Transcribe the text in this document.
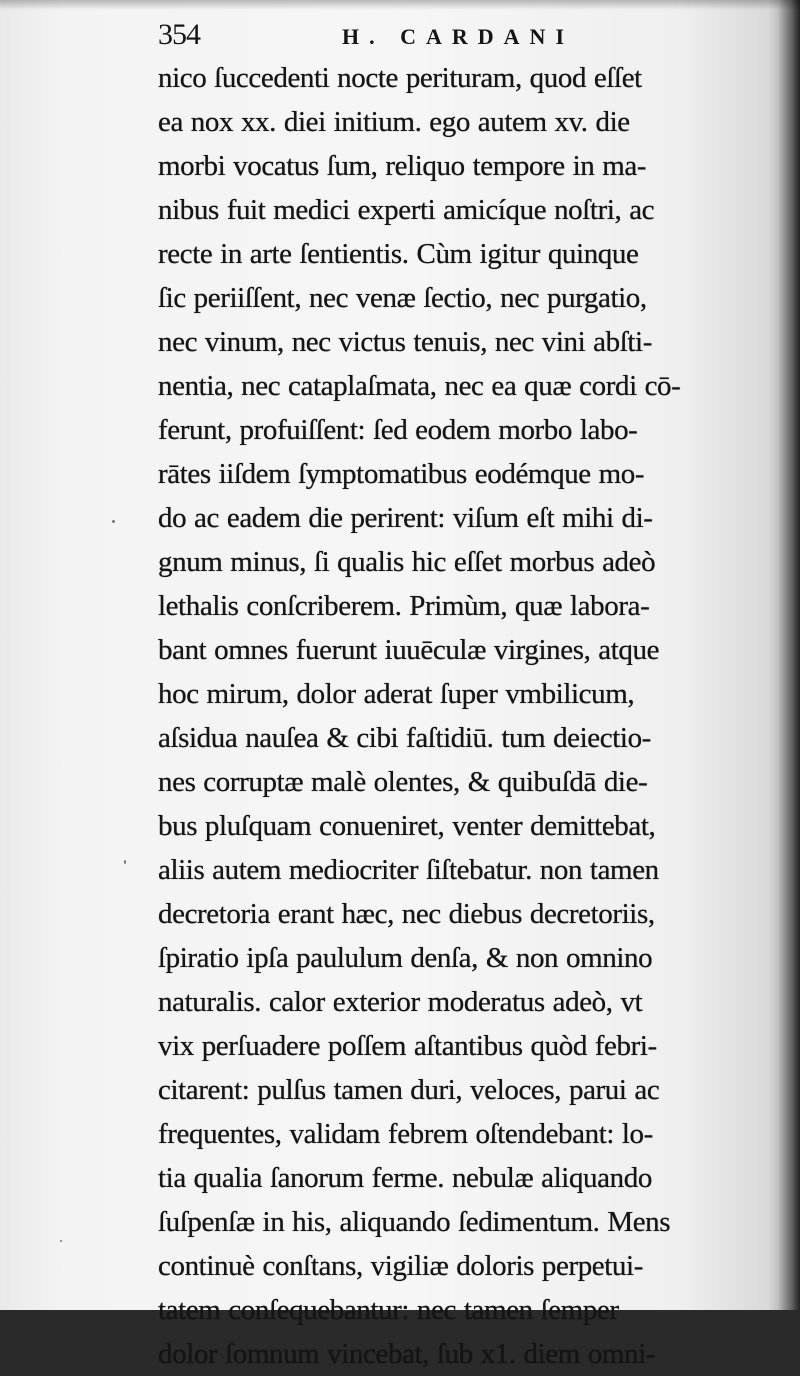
354	H. CARDANI
nico ſuccedenti nocte perituram, quod eſſet
ea nox xx. diei initium. ego autem xv. die
morbi vocatus ſum, reliquo tempore in ma-
nibus fuit medici experti amicíque noſtri, ac
recte in arte ſentientis. Cùm igitur quinque
ſic periiſſent, nec venæ ſectio, nec purgatio,
nec vinum, nec victus tenuis, nec vini abſti-
nentia, nec cataplaſmata, nec ea quæ cordi cō-
ferunt, profuiſſent: ſed eodem morbo labo-
rātes iiſdem ſymptomatibus eodémque mo-
do ac eadem die perirent: viſum eſt mihi di-
gnum minus, ſi qualis hic eſſet morbus adeò
lethalis conſcriberem. Primùm, quæ labora-
bant omnes fuerunt iuuēculæ virgines, atque
hoc mirum, dolor aderat ſuper vmbilicum,
aſsidua nauſea & cibi faſtidiū. tum deiectio-
nes corruptæ malè olentes, & quibuſdā die-
bus pluſquam conueniret, venter demittebat,
aliis autem mediocriter ſiſtebatur. non tamen
decretoria erant hæc, nec diebus decretoriis,
ſpiratio ipſa paululum denſa, & non omnino
naturalis. calor exterior moderatus adeò, vt
vix perſuadere poſſem aſtantibus quòd febri-
citarent: pulſus tamen duri, veloces, parui ac
frequentes, validam febrem oſtendebant: lo-
tia qualia ſanorum ferme. nebulæ aliquando
ſuſpenſæ in his, aliquando ſedimentum. Mens
continuè conſtans, vigiliæ doloris perpetui-
tatem conſequebantur: nec tamen ſemper
dolor ſomnum vincebat, ſub x1. diem omni-
